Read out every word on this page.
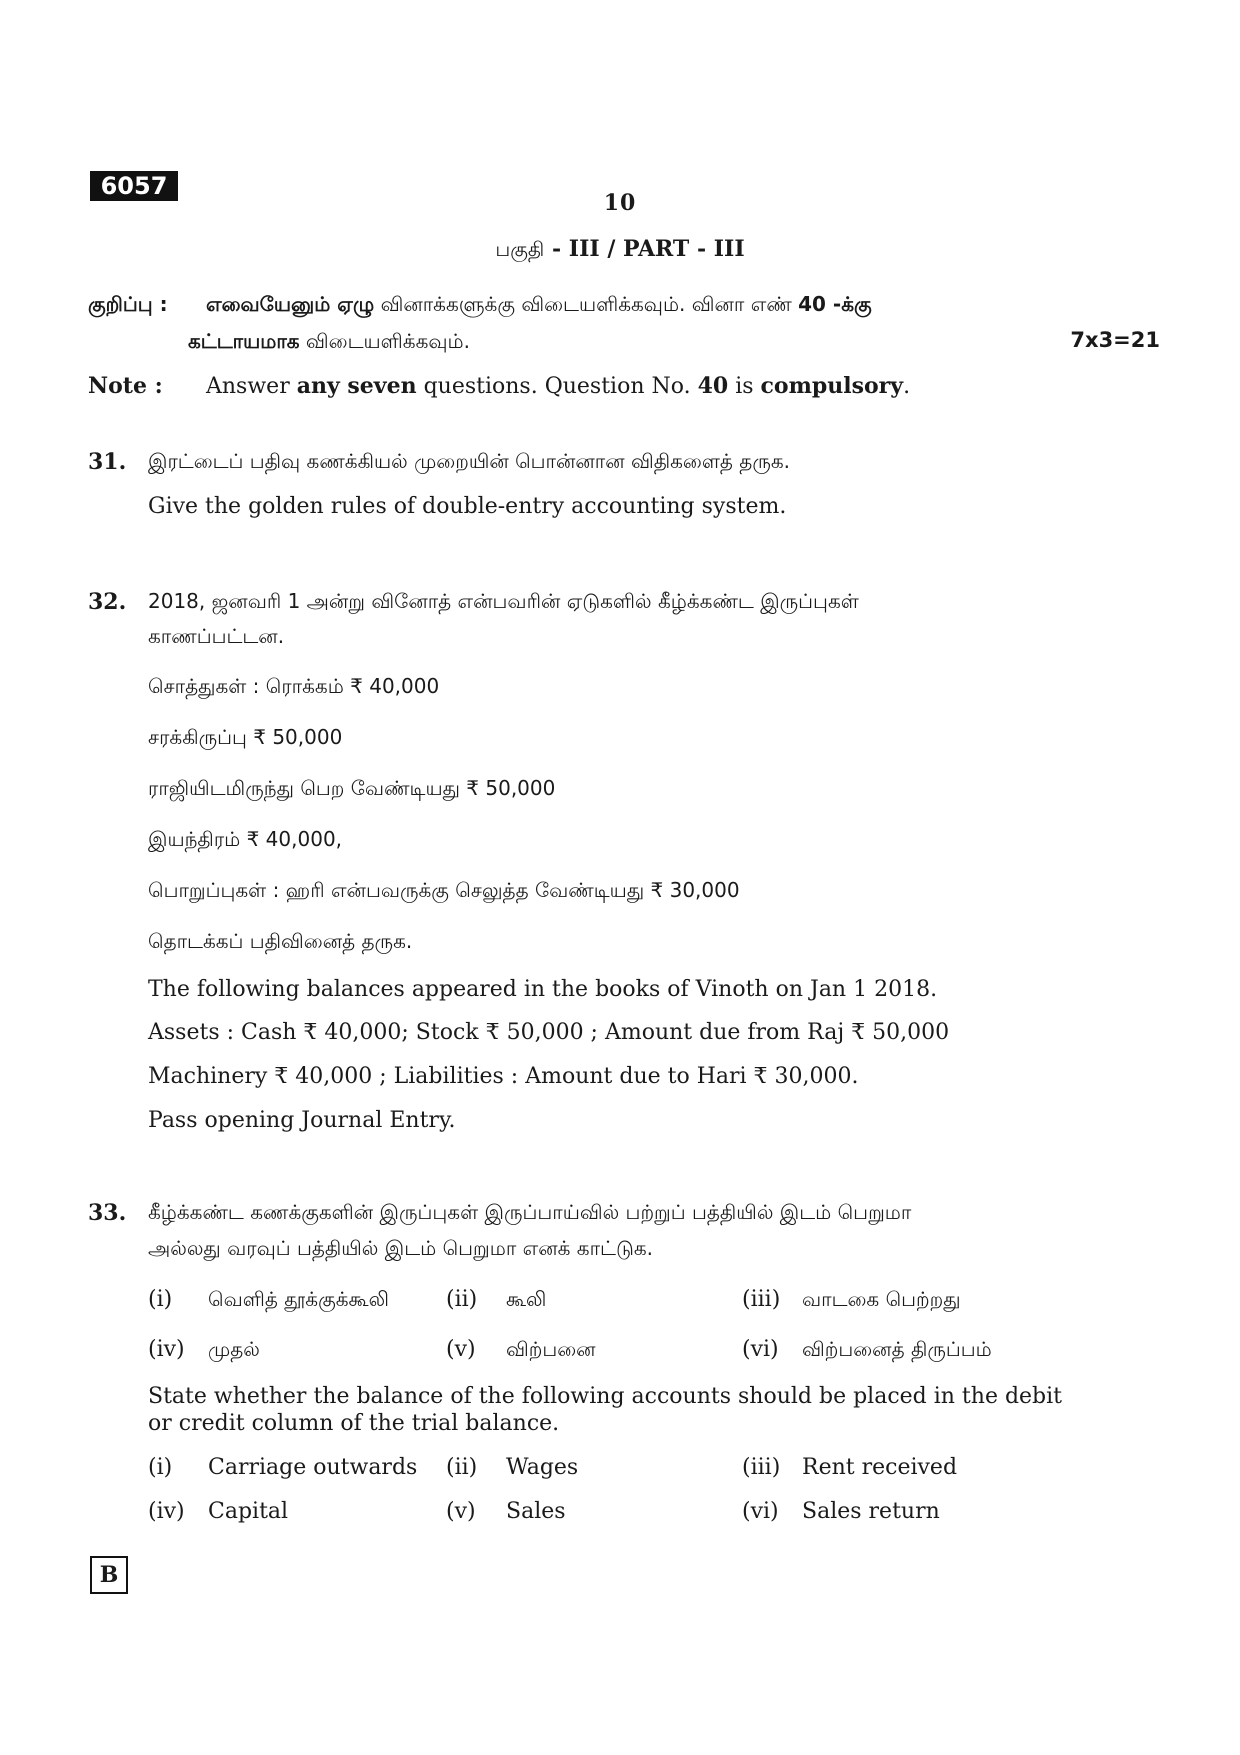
6057
10
பகுதி - III / PART - III
குறிப்பு : எவையேனும் ஏழு வினாக்களுக்கு விடையளிக்கவும். வினா எண் 40 -க்கு
கட்டாயமாக விடையளிக்கவும்.	7x3=21
Note : Answer any seven questions. Question No. 40 is compulsory.
31. இரட்டைப் பதிவு கணக்கியல் முறையின் பொன்னான விதிகளைத் தருக.
Give the golden rules of double-entry accounting system.
32. 2018, ஜனவரி 1 அன்று வினோத் என்பவரின் ஏடுகளில் கீழ்க்கண்ட இருப்புகள்
காணப்பட்டன.
சொத்துகள் : ரொக்கம் ₹ 40,000
சரக்கிருப்பு ₹ 50,000
ராஜியிடமிருந்து பெற வேண்டியது ₹ 50,000
இயந்திரம் ₹ 40,000,
பொறுப்புகள் : ஹரி என்பவருக்கு செலுத்த வேண்டியது ₹ 30,000
தொடக்கப் பதிவினைத் தருக.
The following balances appeared in the books of Vinoth on Jan 1 2018.
Assets : Cash ₹ 40,000; Stock ₹ 50,000 ; Amount due from Raj ₹ 50,000
Machinery ₹ 40,000 ; Liabilities : Amount due to Hari ₹ 30,000.
Pass opening Journal Entry.
33. கீழ்க்கண்ட கணக்குகளின் இருப்புகள் இருப்பாய்வில் பற்றுப் பத்தியில் இடம் பெறுமா
அல்லது வரவுப் பத்தியில் இடம் பெறுமா எனக் காட்டுக.
(i) வெளித் தூக்குக்கூலி	(ii) கூலி	(iii) வாடகை பெற்றது
(iv) முதல்	(v) விற்பனை	(vi) விற்பனைத் திருப்பம்
State whether the balance of the following accounts should be placed in the debit
or credit column of the trial balance.
(i) Carriage outwards (ii) Wages	(iii) Rent received
(iv) Capital	(v) Sales	(vi) Sales return
B
